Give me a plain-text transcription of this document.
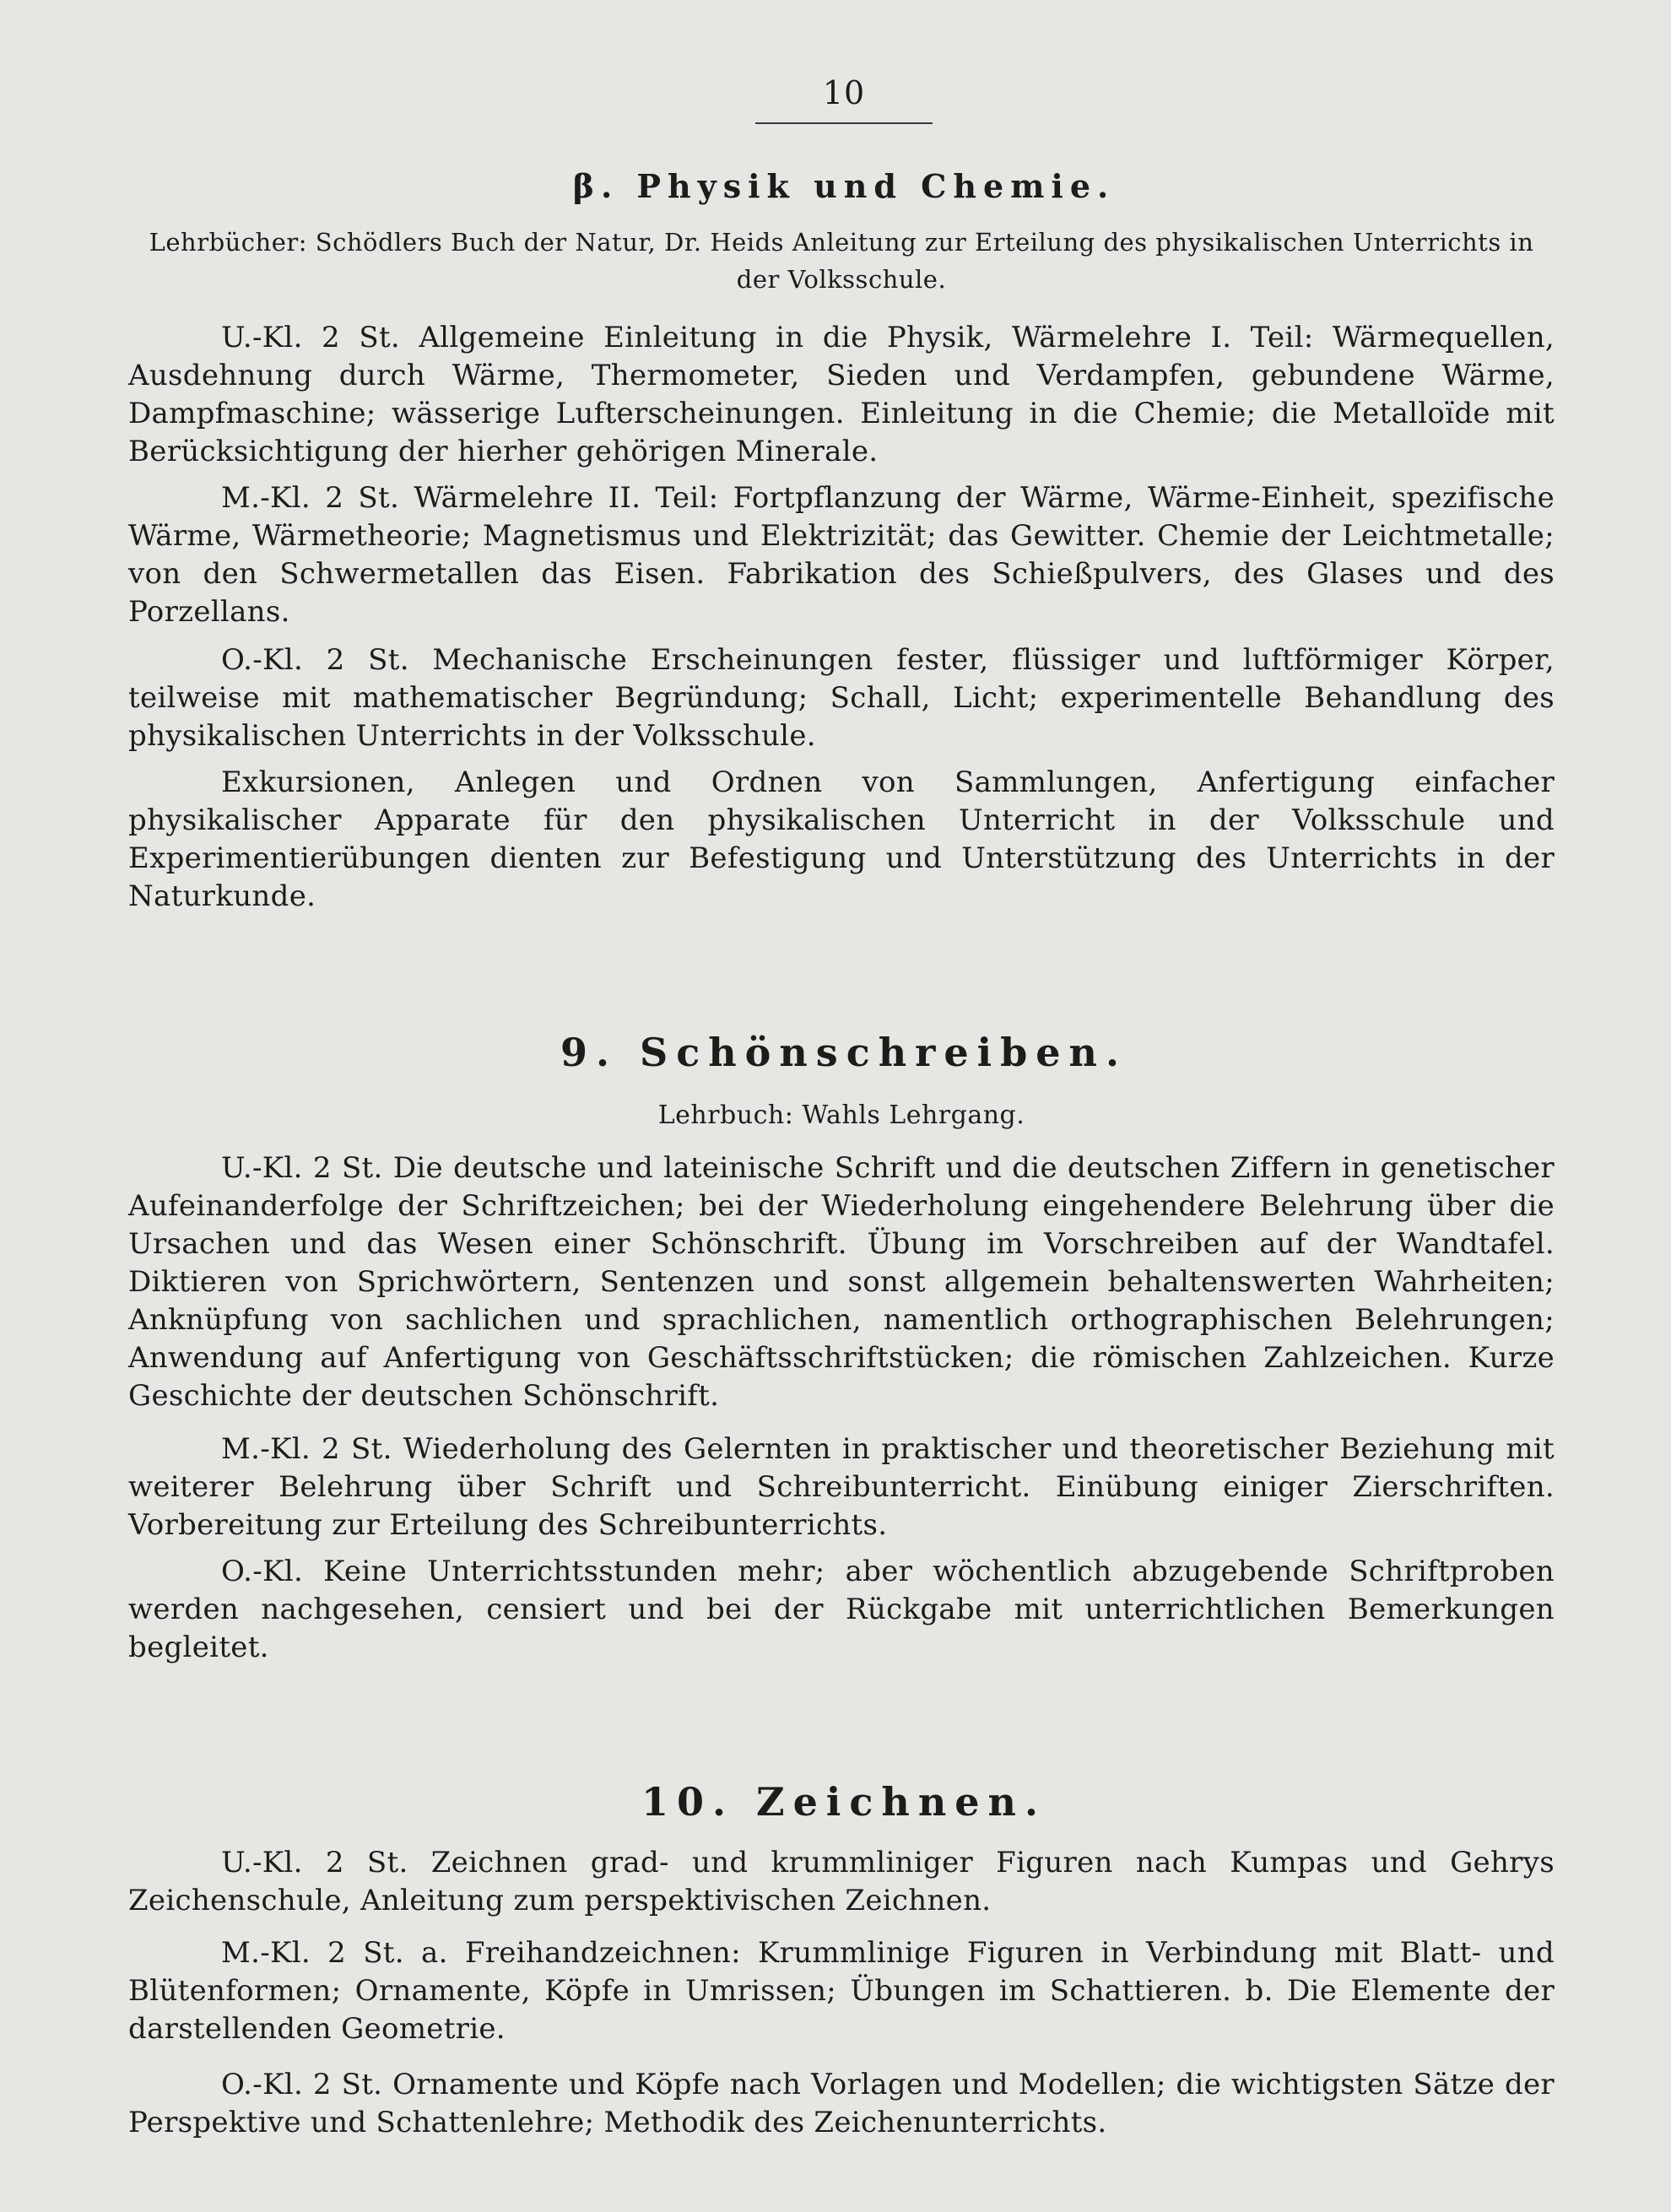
10
β. Physik und Chemie.
Lehrbücher: Schödlers Buch der Natur, Dr. Heids Anleitung zur Erteilung des physikalischen Unterrichts in der Volksschule.
U.-Kl. 2 St. Allgemeine Einleitung in die Physik, Wärmelehre I. Teil: Wärmequellen, Ausdehnung durch Wärme, Thermometer, Sieden und Verdampfen, gebundene Wärme, Dampfmaschine; wässerige Lufterscheinungen. Einleitung in die Chemie; die Metalloïde mit Berücksichtigung der hierher gehörigen Minerale.
M.-Kl. 2 St. Wärmelehre II. Teil: Fortpflanzung der Wärme, Wärme-Einheit, spezifische Wärme, Wärmetheorie; Magnetismus und Elektrizität; das Gewitter. Chemie der Leichtmetalle; von den Schwermetallen das Eisen. Fabrikation des Schießpulvers, des Glases und des Porzellans.
O.-Kl. 2 St. Mechanische Erscheinungen fester, flüssiger und luftförmiger Körper, teilweise mit mathematischer Begründung; Schall, Licht; experimentelle Behandlung des physikalischen Unterrichts in der Volksschule.
Exkursionen, Anlegen und Ordnen von Sammlungen, Anfertigung einfacher physikalischer Apparate für den physikalischen Unterricht in der Volksschule und Experimentierübungen dienten zur Befestigung und Unterstützung des Unterrichts in der Naturkunde.
9. Schönschreiben.
Lehrbuch: Wahls Lehrgang.
U.-Kl. 2 St. Die deutsche und lateinische Schrift und die deutschen Ziffern in genetischer Aufeinanderfolge der Schriftzeichen; bei der Wiederholung eingehendere Belehrung über die Ursachen und das Wesen einer Schönschrift. Übung im Vorschreiben auf der Wandtafel. Diktieren von Sprichwörtern, Sentenzen und sonst allgemein behaltenswerten Wahrheiten; Anknüpfung von sachlichen und sprachlichen, namentlich orthographischen Belehrungen; Anwendung auf Anfertigung von Geschäftsschriftstücken; die römischen Zahlzeichen. Kurze Geschichte der deutschen Schönschrift.
M.-Kl. 2 St. Wiederholung des Gelernten in praktischer und theoretischer Beziehung mit weiterer Belehrung über Schrift und Schreibunterricht. Einübung einiger Zierschriften. Vorbereitung zur Erteilung des Schreibunterrichts.
O.-Kl. Keine Unterrichtsstunden mehr; aber wöchentlich abzugebende Schriftproben werden nachgesehen, censiert und bei der Rückgabe mit unterrichtlichen Bemerkungen begleitet.
10. Zeichnen.
U.-Kl. 2 St. Zeichnen grad- und krummliniger Figuren nach Kumpas und Gehrys Zeichenschule, Anleitung zum perspektivischen Zeichnen.
M.-Kl. 2 St. a. Freihandzeichnen: Krummlinige Figuren in Verbindung mit Blatt- und Blütenformen; Ornamente, Köpfe in Umrissen; Übungen im Schattieren. b. Die Elemente der darstellenden Geometrie.
O.-Kl. 2 St. Ornamente und Köpfe nach Vorlagen und Modellen; die wichtigsten Sätze der Perspektive und Schattenlehre; Methodik des Zeichenunterrichts.
